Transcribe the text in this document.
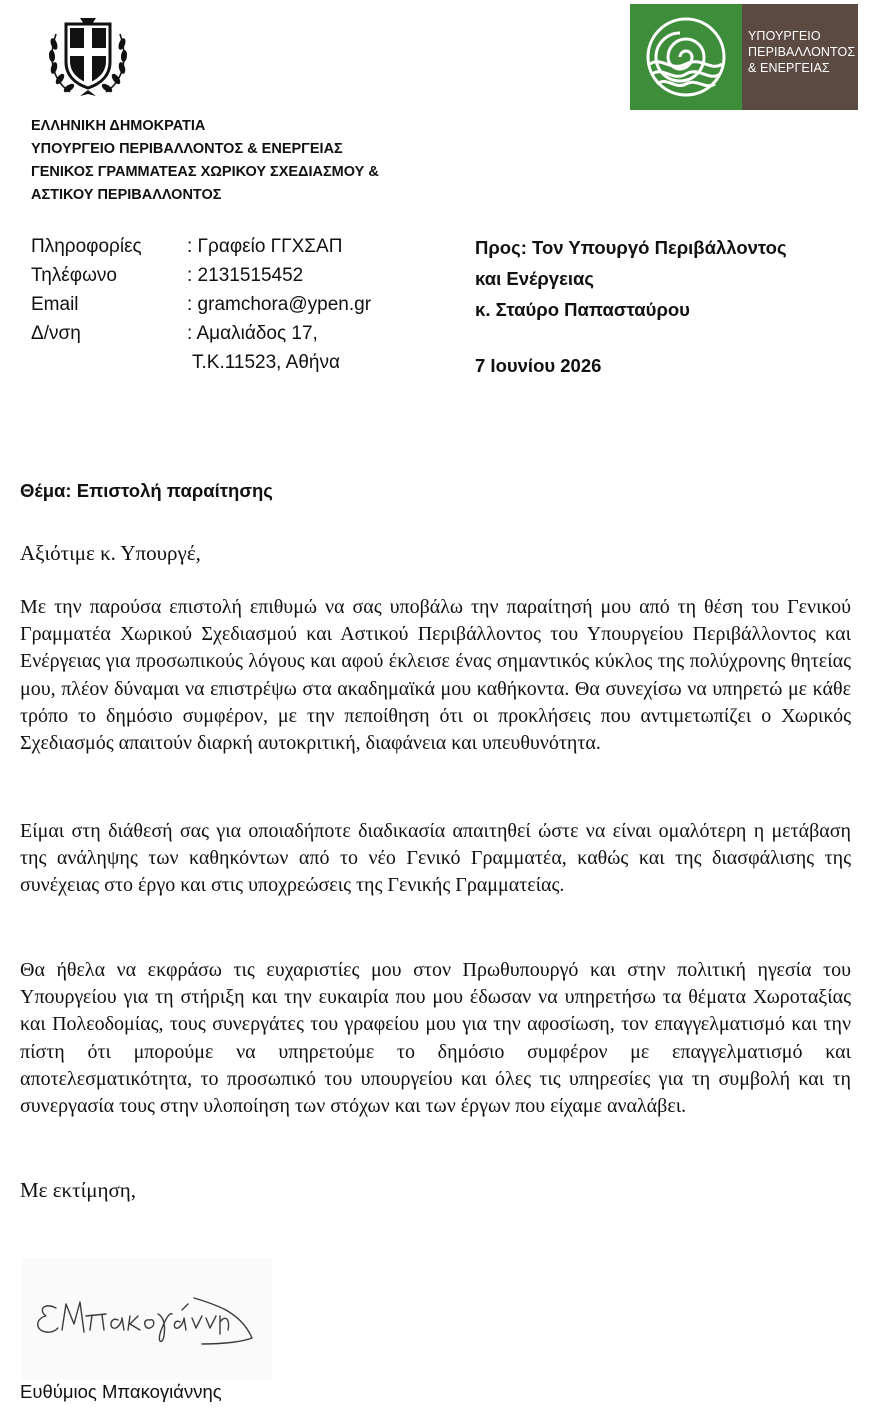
ΥΠΟΥΡΓΕΙΟ
ΠΕΡΙΒΑΛΛΟΝΤΟΣ
& ΕΝΕΡΓΕΙΑΣ
ΕΛΛΗΝΙΚΗ ΔΗΜΟΚΡΑΤΙΑ
ΥΠΟΥΡΓΕΙΟ ΠΕΡΙΒΑΛΛΟΝΤΟΣ & ΕΝΕΡΓΕΙΑΣ
ΓΕΝΙΚΟΣ ΓΡΑΜΜΑΤΕΑΣ ΧΩΡΙΚΟΥ ΣΧΕΔΙΑΣΜΟΥ &
ΑΣΤΙΚΟΥ ΠΕΡΙΒΑΛΛΟΝΤΟΣ
Πληροφορίες : Γραφείο ΓΓΧΣΑΠ
Τηλέφωνο	: 2131515452
Email	: gramchora@ypen.gr
Δ/νση	: Αμαλιάδος 17,
Τ.Κ.11523, Αθήνα
Προς: Τον Υπουργό Περιβάλλοντος
και Ενέργειας
κ. Σταύρο Παπασταύρου
7 Ιουνίου 2026
Θέμα: Επιστολή παραίτησης
Αξιότιμε κ. Υπουργέ,

Με την παρούσα επιστολή επιθυμώ να σας υποβάλω την παραίτησή μου από τη θέση του Γενικού Γραμματέα Χωρικού Σχεδιασμού και Αστικού Περιβάλλοντος του Υπουργείου Περιβάλλοντος και Ενέργειας για προσωπικούς λόγους και αφού έκλεισε ένας σημαντικός κύκλος της πολύχρονης θητείας μου, πλέον δύναμαι να επιστρέψω στα ακαδημαϊκά μου καθήκοντα. Θα συνεχίσω να υπηρετώ με κάθε τρόπο το δημόσιο συμφέρον, με την πεποίθηση ότι οι προκλήσεις που αντιμετωπίζει ο Χωρικός Σχεδιασμός απαιτούν διαρκή αυτοκριτική, διαφάνεια και υπευθυνότητα.

Είμαι στη διάθεσή σας για οποιαδήποτε διαδικασία απαιτηθεί ώστε να είναι ομαλότερη η μετάβαση της ανάληψης των καθηκόντων από το νέο Γενικό Γραμματέα, καθώς και της διασφάλισης της συνέχειας στο έργο και στις υποχρεώσεις της Γενικής Γραμματείας.

Θα ήθελα να εκφράσω τις ευχαριστίες μου στον Πρωθυπουργό και στην πολιτική ηγεσία του Υπουργείου για τη στήριξη και την ευκαιρία που μου έδωσαν να υπηρετήσω τα θέματα Χωροταξίας και Πολεοδομίας, τους συνεργάτες του γραφείου μου για την αφοσίωση, τον επαγγελματισμό και την πίστη ότι μπορούμε να υπηρετούμε το δημόσιο συμφέρον με επαγγελματισμό και αποτελεσματικότητα, το προσωπικό του υπουργείου και όλες τις υπηρεσίες για τη συμβολή και τη συνεργασία τους στην υλοποίηση των στόχων και των έργων που είχαμε αναλάβει.

Με εκτίμηση,
Ευθύμιος Μπακογιάννης
